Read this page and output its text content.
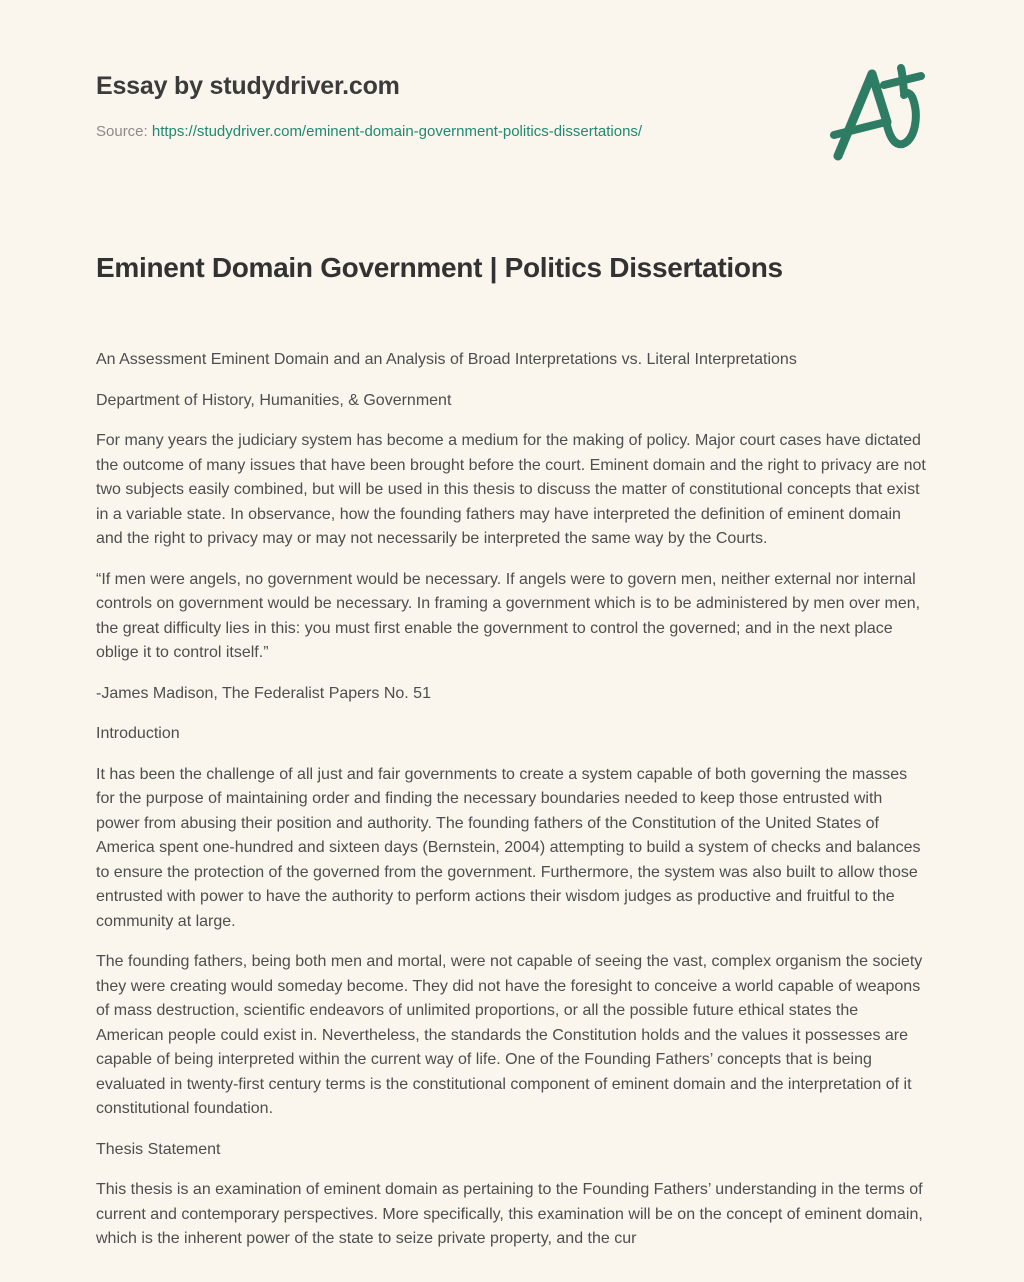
Essay by studydriver.com
Source: https://studydriver.com/eminent-domain-government-politics-dissertations/
Eminent Domain Government | Politics Dissertations

An Assessment Eminent Domain and an Analysis of Broad Interpretations vs. Literal Interpretations

Department of History, Humanities, & Government

For many years the judiciary system has become a medium for the making of policy. Major court cases have dictated the outcome of many issues that have been brought before the court. Eminent domain and the right to privacy are not two subjects easily combined, but will be used in this thesis to discuss the matter of constitutional concepts that exist in a variable state. In observance, how the founding fathers may have interpreted the definition of eminent domain and the right to privacy may or may not necessarily be interpreted the same way by the Courts.

“If men were angels, no government would be necessary. If angels were to govern men, neither external nor internal controls on government would be necessary. In framing a government which is to be administered by men over men, the great difficulty lies in this: you must first enable the government to control the governed; and in the next place oblige it to control itself.”

-James Madison, The Federalist Papers No. 51

Introduction

It has been the challenge of all just and fair governments to create a system capable of both governing the masses for the purpose of maintaining order and finding the necessary boundaries needed to keep those entrusted with power from abusing their position and authority. The founding fathers of the Constitution of the United States of America spent one-hundred and sixteen days (Bernstein, 2004) attempting to build a system of checks and balances to ensure the protection of the governed from the government. Furthermore, the system was also built to allow those entrusted with power to have the authority to perform actions their wisdom judges as productive and fruitful to the community at large.

The founding fathers, being both men and mortal, were not capable of seeing the vast, complex organism the society they were creating would someday become. They did not have the foresight to conceive a world capable of weapons of mass destruction, scientific endeavors of unlimited proportions, or all the possible future ethical states the American people could exist in. Nevertheless, the standards the Constitution holds and the values it possesses are capable of being interpreted within the current way of life. One of the Founding Fathers’ concepts that is being evaluated in twenty-first century terms is the constitutional component of eminent domain and the interpretation of it constitutional foundation.

Thesis Statement

This thesis is an examination of eminent domain as pertaining to the Founding Fathers’ understanding in the terms of current and contemporary perspectives. More specifically, this examination will be on the concept of eminent domain, which is the inherent power of the state to seize private property, and the cur
